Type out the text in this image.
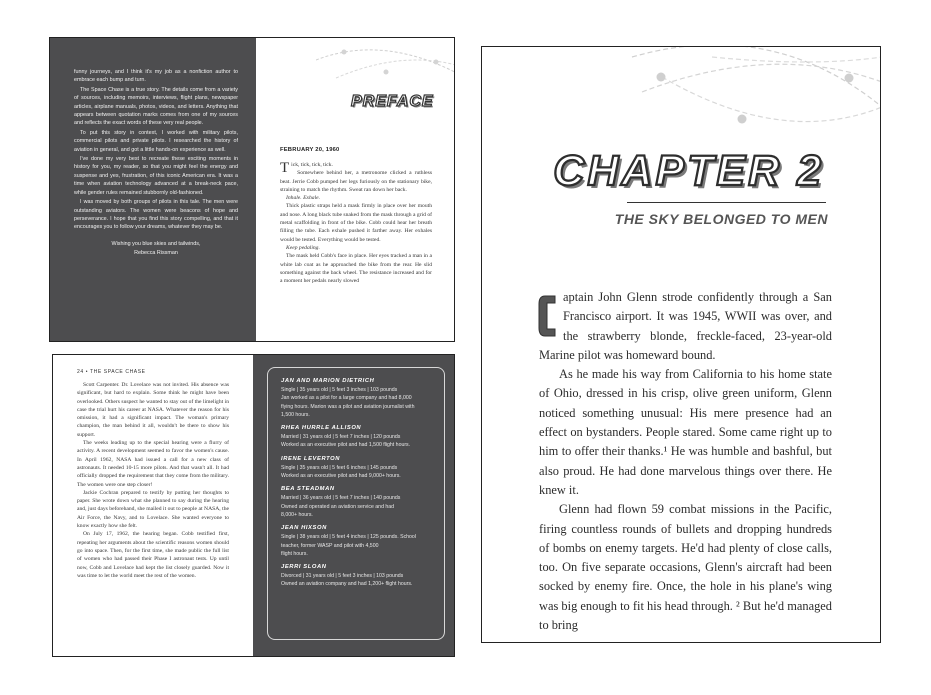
funny journeys, and I think it's my job as a nonfiction author to embrace each bump and turn.

The Space Chase is a true story. The details come from a variety of sources, including memoirs, interviews, flight plans, newspaper articles, airplane manuals, photos, videos, and letters. Anything that appears between quotation marks comes from one of my sources and reflects the exact words of these very real people.

To put this story in context, I worked with military pilots, commercial pilots and private pilots. I researched the history of aviation in general, and got a little hands-on experience as well.

I've done my very best to recreate these exciting moments in history for you, my reader, so that you might feel the energy and suspense and yes, frustration, of this iconic American era. It was a time when aviation technology advanced at a break-neck pace, while gender rules remained stubbornly old-fashioned.

I was moved by both groups of pilots in this tale. The men were outstanding aviators. The women were beacons of hope and perseverance. I hope that you find this story compelling, and that it encourages you to follow your dreams, whatever they may be.

Wishing you blue skies and tailwinds,

Rebecca Rissman

PREFACE
FEBRUARY 20, 1960

Tick, tick, tick, tick.

Somewhere behind her, a metronome clicked a ruthless beat. Jerrie Cobb pumped her legs furiously on the stationary bike, straining to match the rhythm. Sweat ran down her back.

Inhale. Exhale.

Thick plastic straps held a mask firmly in place over her mouth and nose. A long black tube snaked from the mask through a grid of metal scaffolding in front of the bike. Cobb could hear her breath filling the tube. Each exhale pushed it farther away. Her exhales would be tested. Everything would be tested.

Keep pedaling.

The mask held Cobb's face in place. Her eyes tracked a man in a white lab coat as he approached the bike from the rear. He slid something against the back wheel. The resistance increased and for a moment her pedals nearly slowed

24 • THE SPACE CHASE

Scott Carpenter. Dr. Lovelace was not invited. His absence was significant, but hard to explain. Some think he might have been overlooked. Others suspect he wanted to stay out of the limelight in case the trial hurt his career at NASA. Whatever the reason for his omission, it had a significant impact. The woman's primary champion, the man behind it all, wouldn't be there to show his support.

The weeks leading up to the special hearing were a flurry of activity. A recent development seemed to favor the women's cause. In April 1962, NASA had issued a call for a new class of astronauts. It needed 10-15 more pilots. And that wasn't all. It had officially dropped the requirement that they come from the military. The women were one step closer!

Jackie Cochran prepared to testify by putting her thoughts to paper. She wrote down what she planned to say during the hearing and, just days beforehand, she mailed it out to people at NASA, the Air Force, the Navy, and to Lovelace. She wanted everyone to know exactly how she felt.

On July 17, 1962, the hearing began. Cobb testified first, repeating her arguments about the scientific reasons women should go into space. Then, for the first time, she made public the full list of women who had passed their Phase I astronaut tests. Up until now, Cobb and Lovelace had kept the list closely guarded. Now it was time to let the world meet the rest of the women.

JAN AND MARION DIETRICH
Single | 35 years old | 5 feet 3 inches | 103 pounds
Jan worked as a pilot for a large company and had 8,000
flying hours. Marion was a pilot and aviation journalist with
1,500 hours.
RHEA HURRLE ALLISON
Married | 31 years old | 5 feet 7 inches | 120 pounds
Worked as an executive pilot and had 1,500 flight hours.
IRENE LEVERTON
Single | 35 years old | 5 feet 6 inches | 145 pounds
Worked as an executive pilot and had 9,000+ hours.
BEA STEADMAN
Married | 36 years old | 5 feet 7 inches | 140 pounds
Owned and operated an aviation service and had
8,000+ hours.
JEAN HIXSON
Single | 38 years old | 5 feet 4 inches | 125 pounds. School
teacher, former WASP and pilot with 4,500
flight hours.
JERRI SLOAN
Divorced | 31 years old | 5 feet 3 inches | 103 pounds
Owned an aviation company and had 1,200+ flight hours.
CHAPTER 2
THE SKY BELONGED TO MEN

aptain John Glenn strode confidently through a San Francisco airport. It was 1945, WWII was over, and the strawberry blonde, freckle-faced, 23-year-old Marine pilot was homeward bound.

As he made his way from California to his home state of Ohio, dressed in his crisp, olive green uniform, Glenn noticed something unusual: His mere presence had an effect on bystanders. People stared. Some came right up to him to offer their thanks.¹ He was humble and bashful, but also proud. He had done marvelous things over there. He knew it.

Glenn had flown 59 combat missions in the Pacific, firing countless rounds of bullets and dropping hundreds of bombs on enemy targets. He'd had plenty of close calls, too. On five separate occasions, Glenn's aircraft had been socked by enemy fire. Once, the hole in his plane's wing was big enough to fit his head through. ² But he'd managed to bring
